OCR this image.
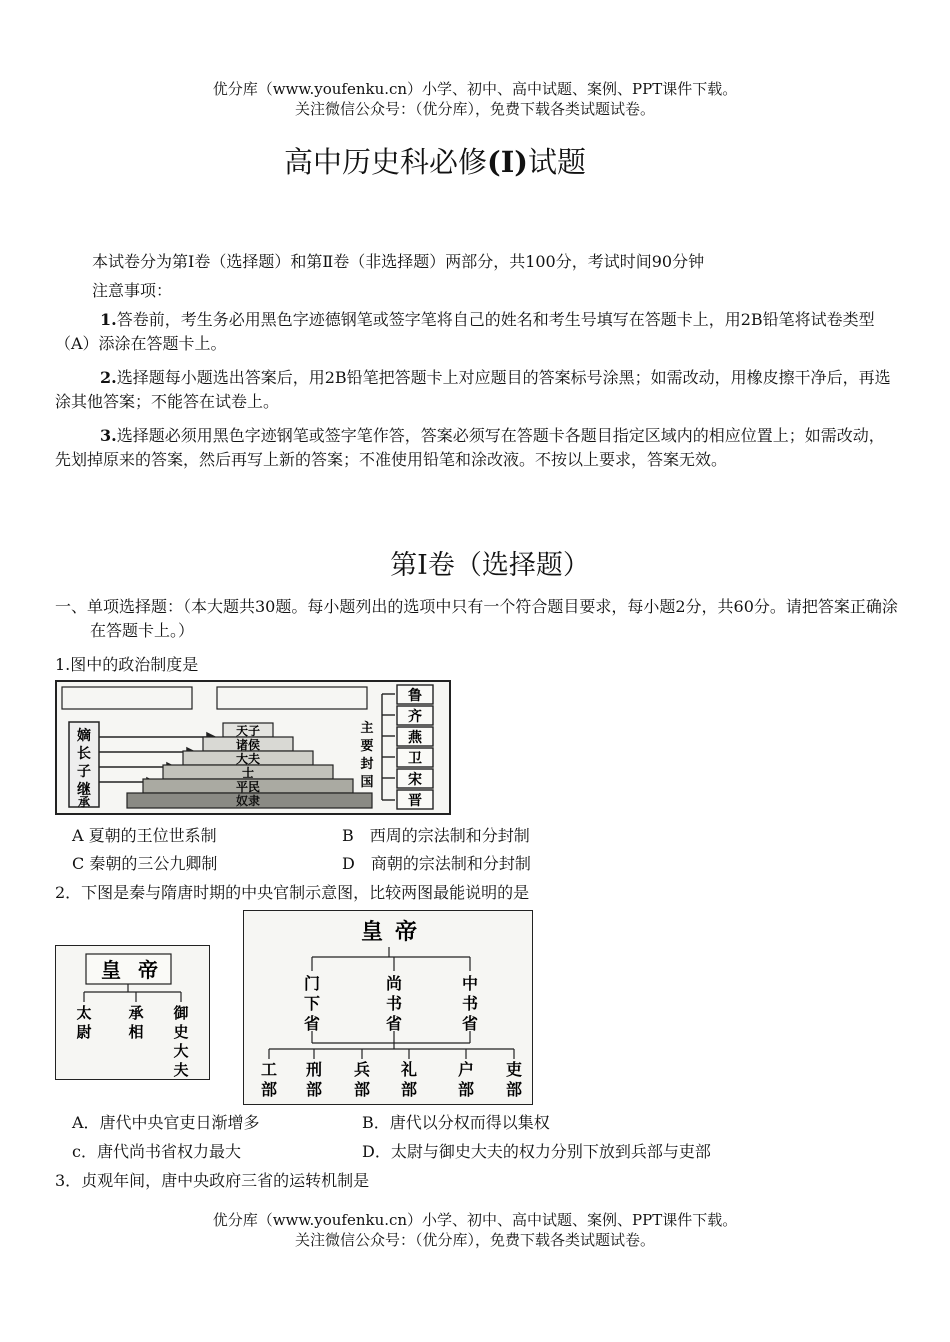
优分库（www.youfenku.cn）小学、初中、高中试题、案例、PPT课件下载。
关注微信公众号：（优分库），免费下载各类试题试卷。
高中历史科必修(I)试题
本试卷分为第Ⅰ卷（选择题）和第Ⅱ卷（非选择题）两部分，共100分，考试时间90分钟
注意事项：

1.答卷前，考生务必用黑色字迹德钢笔或签字笔将自己的姓名和考生号填写在答题卡上，用2B铅笔将试卷类型（A）添涂在答题卡上。

2.选择题每小题选出答案后，用2B铅笔把答题卡上对应题目的答案标号涂黑；如需改动，用橡皮擦干净后，再选涂其他答案；不能答在试卷上。

3.选择题必须用黑色字迹钢笔或签字笔作答，答案必须写在答题卡各题目指定区域内的相应位置上；如需改动，先划掉原来的答案，然后再写上新的答案；不准使用铅笔和涂改液。不按以上要求，答案无效。

第Ⅰ卷（选择题）

一、单项选择题：（本大题共30题。每小题列出的选项中只有一个符合题目要求，每小题2分，共60分。请把答案正确涂在答题卡上。）

1.图中的政治制度是
嫡
长
子
继
承
天子
诸侯
大夫
士
平民
奴隶
主
要
封
国
鲁
齐
燕
卫
宋
晋
A 夏朝的王位世系制	B　西周的宗法制和分封制
C 秦朝的三公九卿制	D　商朝的宗法制和分封制
2．下图是秦与隋唐时期的中央官制示意图，比较两图最能说明的是
皇 帝
太
尉
承
相
御
史
大
夫
皇 帝
门
下
省
尚
书
省
中
书
省
工
部
刑
部
兵
部
礼
部
户
部
吏
部
A．唐代中央官吏日渐增多	B．唐代以分权而得以集权
c．唐代尚书省权力最大	D．太尉与御史大夫的权力分别下放到兵部与吏部
3．贞观年间，唐中央政府三省的运转机制是
优分库（www.youfenku.cn）小学、初中、高中试题、案例、PPT课件下载。
关注微信公众号：（优分库），免费下载各类试题试卷。
